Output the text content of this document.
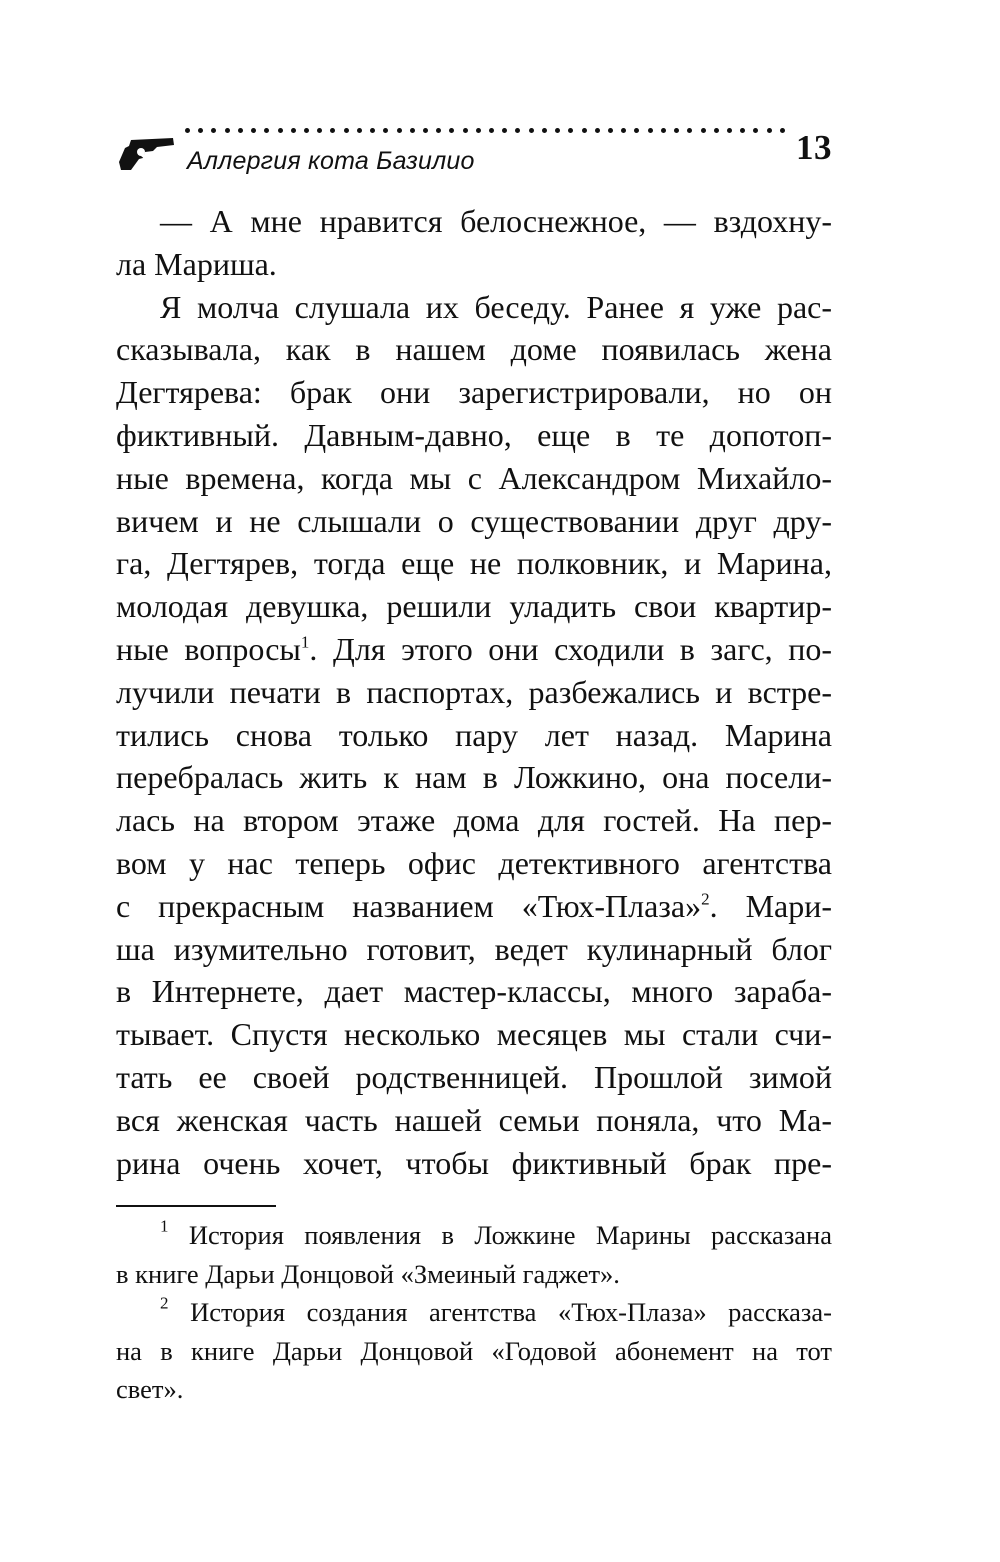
Аллергия кота Базилио	13
— А мне нравится белоснежное, — вздохну-
ла Мариша.
Я молча слушала их беседу. Ранее я уже рас-
сказывала, как в нашем доме появилась жена
Дегтярева: брак они зарегистрировали, но он
фиктивный. Давным-давно, еще в те допотоп-
ные времена, когда мы с Александром Михайло-
вичем и не слышали о существовании друг дру-
га, Дегтярев, тогда еще не полковник, и Марина,
молодая девушка, решили уладить свои квартир-
ные вопросы$^1$. Для этого они сходили в загс, по-
лучили печати в паспортах, разбежались и встре-
тились снова только пару лет назад. Марина
перебралась жить к нам в Ложкино, она посели-
лась на втором этаже дома для гостей. На пер-
вом у нас теперь офис детективного агентства
с прекрасным названием «Тюх-Плаза»$^2$. Мари-
ша изумительно готовит, ведет кулинарный блог
в Интернете, дает мастер-классы, много зараба-
тывает. Спустя несколько месяцев мы стали счи-
тать ее своей родственницей. Прошлой зимой
вся женская часть нашей семьи поняла, что Ма-
рина очень хочет, чтобы фиктивный брак пре-
$^1$ История появления в Ложкине Марины рассказана
в книге Дарьи Донцовой «Змеиный гаджет».
$^2$ История создания агентства «Тюх-Плаза» рассказа-
на в книге Дарьи Донцовой «Годовой абонемент на тот
свет».
